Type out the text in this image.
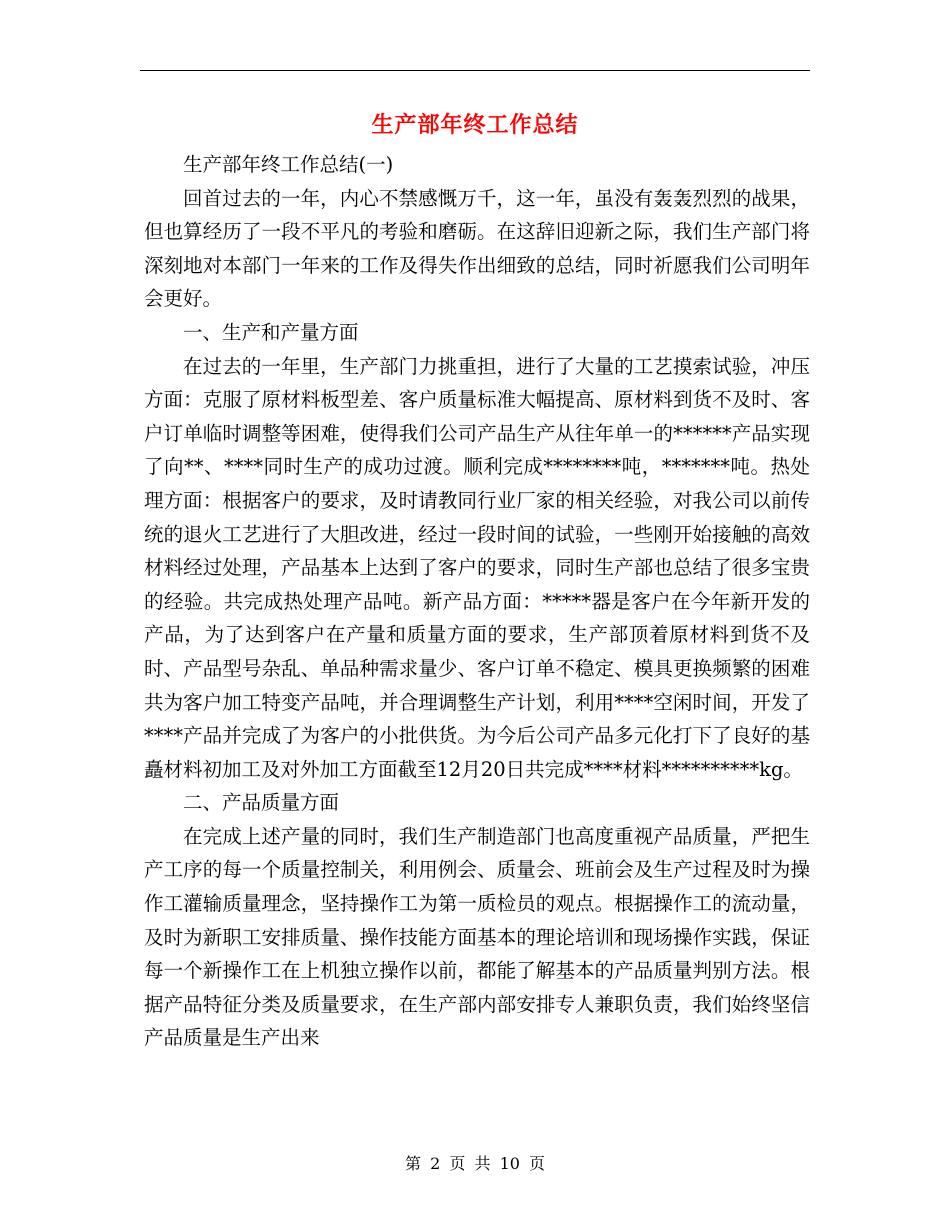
生产部年终工作总结

生产部年终工作总结(一)

回首过去的一年，内心不禁感慨万千，这一年，虽没有轰轰烈烈的战果，但也算经历了一段不平凡的考验和磨砺。在这辞旧迎新之际，我们生产部门将深刻地对本部门一年来的工作及得失作出细致的总结，同时祈愿我们公司明年会更好。

一、生产和产量方面

在过去的一年里，生产部门力挑重担，进行了大量的工艺摸索试验，冲压方面：克服了原材料板型差、客户质量标准大幅提高、原材料到货不及时、客户订单临时调整等困难，使得我们公司产品生产从往年单一的******产品实现了向**、****同时生产的成功过渡。顺利完成********吨，*******吨。热处理方面：根据客户的要求，及时请教同行业厂家的相关经验，对我公司以前传统的退火工艺进行了大胆改进，经过一段时间的试验，一些刚开始接触的高效材料经过处理，产品基本上达到了客户的要求，同时生产部也总结了很多宝贵的经验。共完成热处理产品吨。新产品方面：*****器是客户在今年新开发的产品，为了达到客户在产量和质量方面的要求，生产部顶着原材料到货不及时、产品型号杂乱、单品种需求量少、客户订单不稳定、模具更换频繁的困难共为客户加工特变产品吨，并合理调整生产计划，利用****空闲时间，开发了****产品并完成了为客户的小批供货。为今后公司产品多元化打下了良好的基矗材料初加工及对外加工方面截至12月20日共完成****材料**********kg。

二、产品质量方面

在完成上述产量的同时，我们生产制造部门也高度重视产品质量，严把生产工序的每一个质量控制关，利用例会、质量会、班前会及生产过程及时为操作工灌输质量理念，坚持操作工为第一质检员的观点。根据操作工的流动量，及时为新职工安排质量、操作技能方面基本的理论培训和现场操作实践，保证每一个新操作工在上机独立操作以前，都能了解基本的产品质量判别方法。根据产品特征分类及质量要求，在生产部内部安排专人兼职负责，我们始终坚信产品质量是生产出来

第 2 页 共 10 页
